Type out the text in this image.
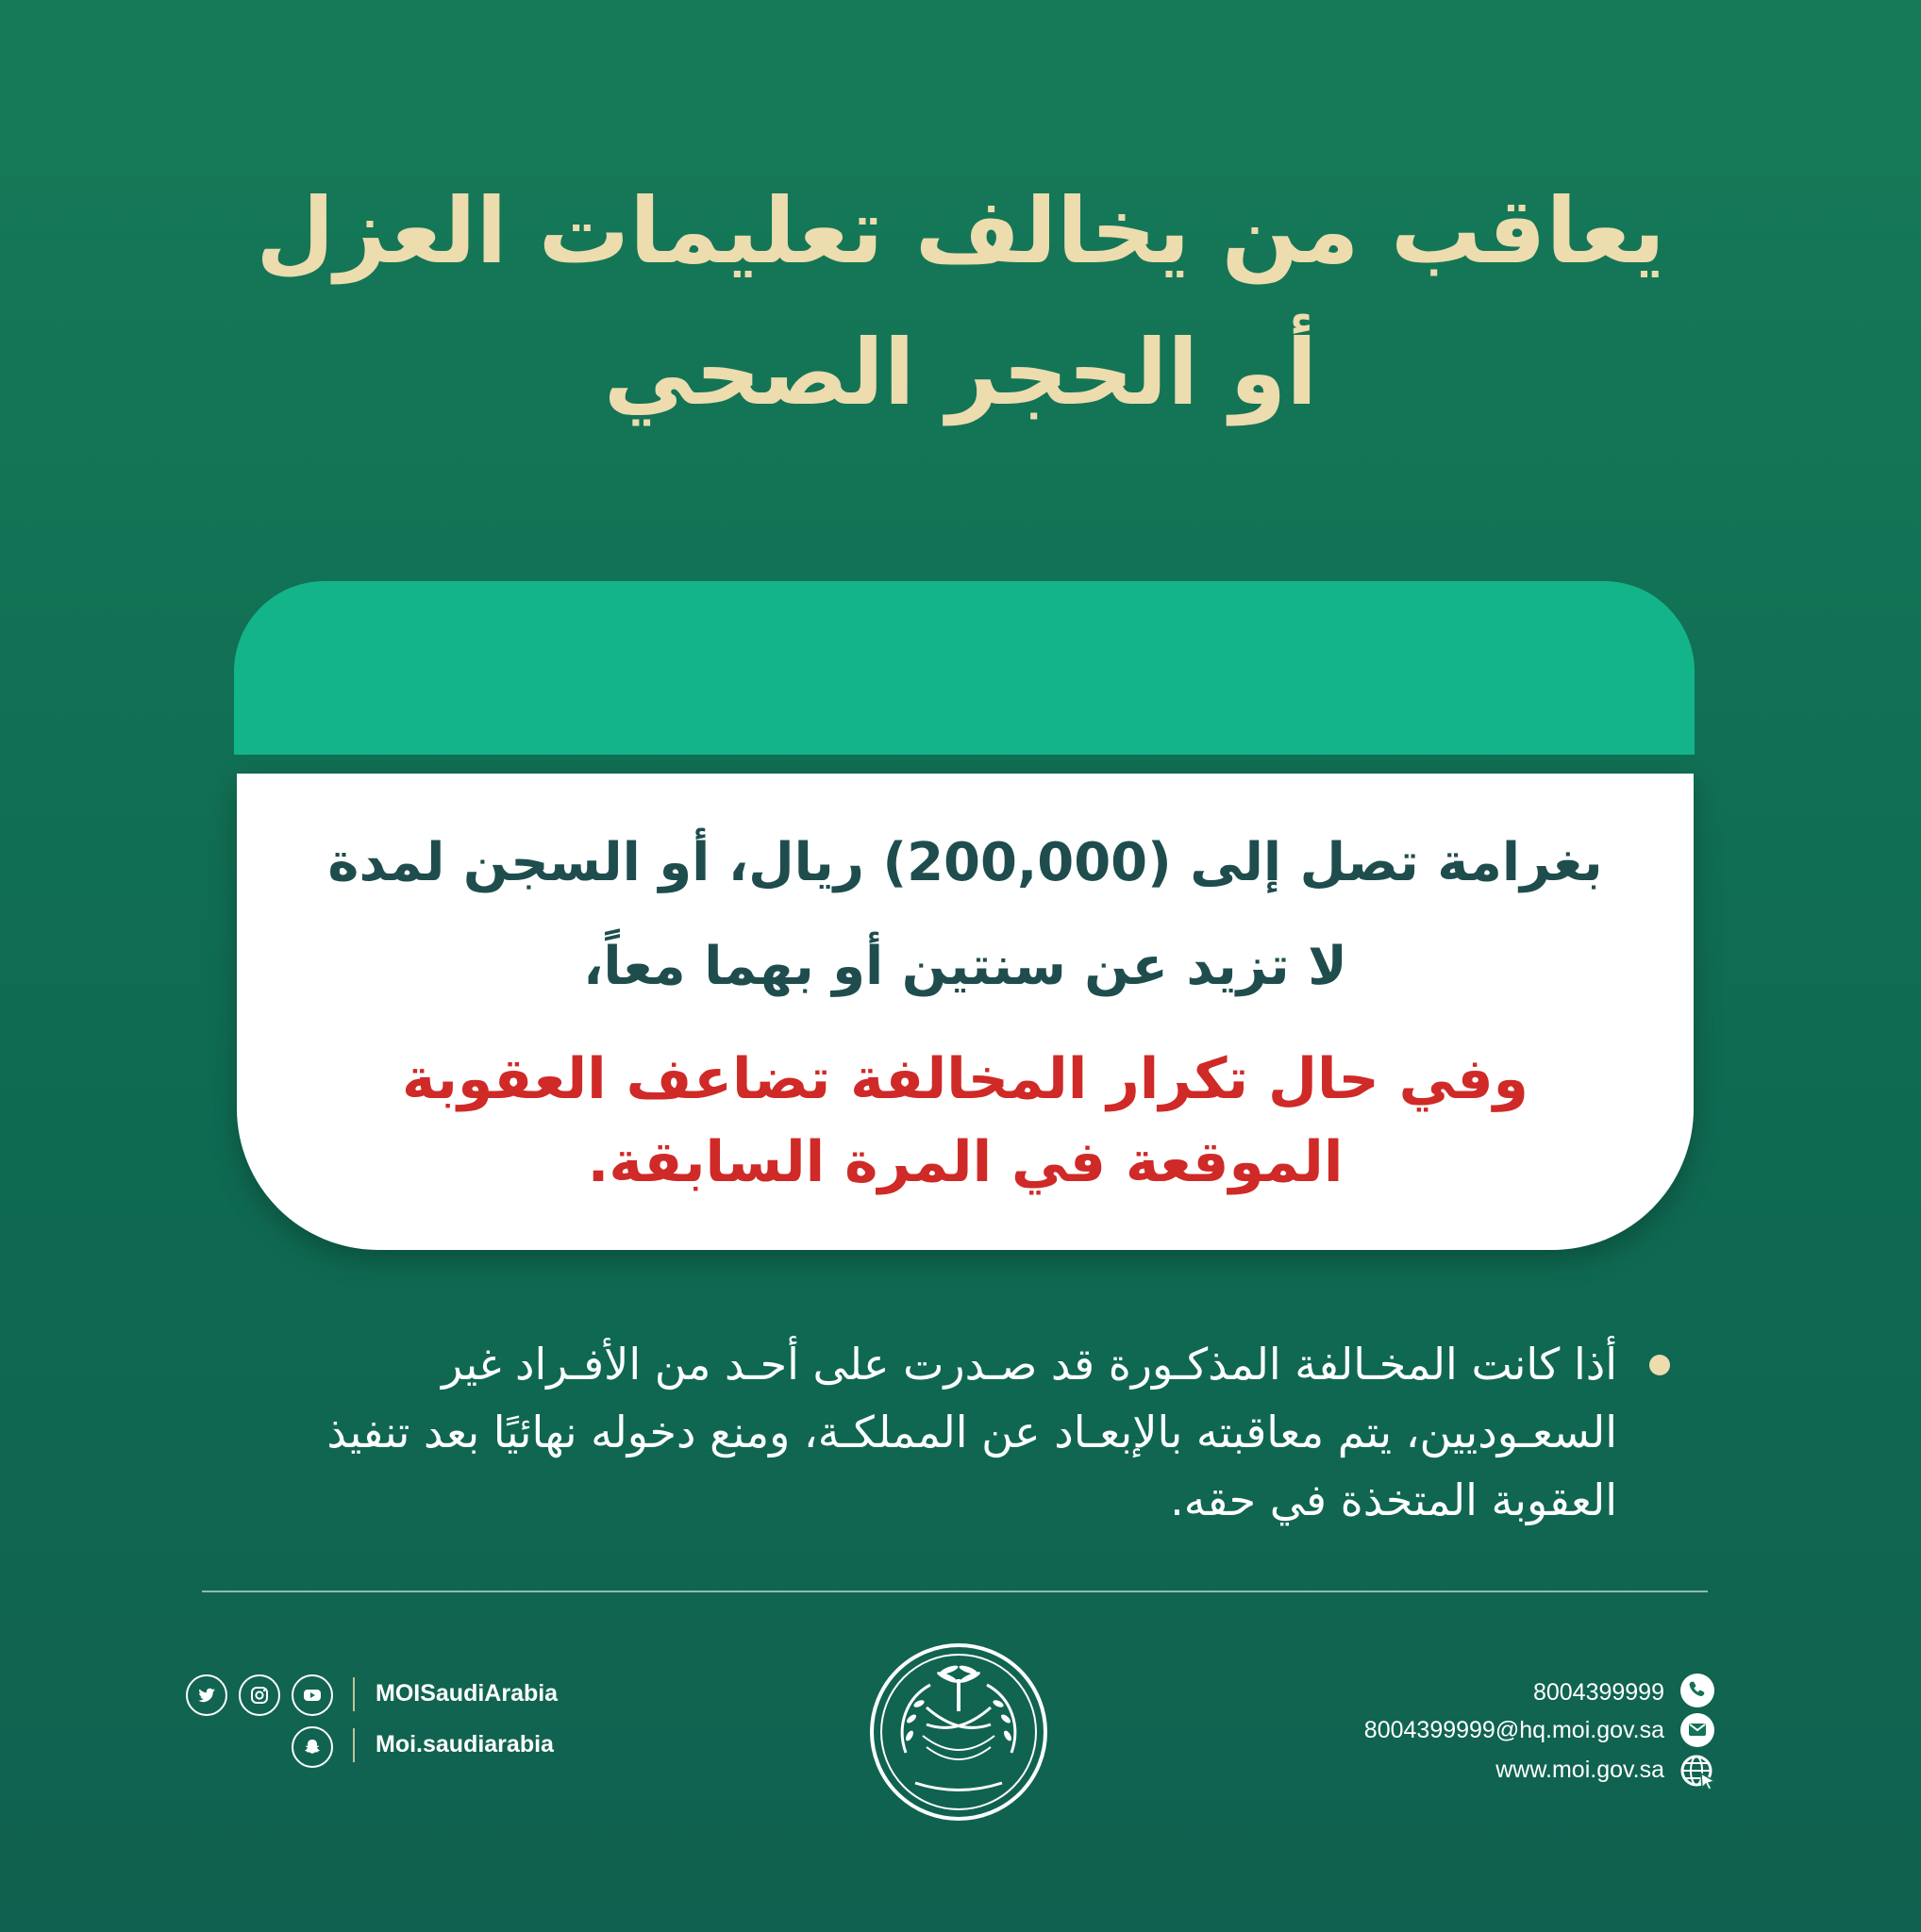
يعاقب من يخالف تعليمات العزل
أو الحجر الصحي
بغرامة تصل إلى (200,000) ريال، أو السجن لمدة
لا تزيد عن سنتين أو بهما معاً،
وفي حال تكرار المخالفة تضاعف العقوبة
الموقعة في المرة السابقة.
أذا كانت المخـالفة المذكـورة قد صـدرت على أحـد من الأفـراد غير السعـوديين، يتم معاقبته بالإبعـاد عن المملكـة، ومنع دخوله نهائيًا بعد تنفيذ العقوبة المتخذة في حقه.
MOISaudiArabia
Moi.saudiarabia
8004399999
8004399999@hq.moi.gov.sa
www.moi.gov.sa
